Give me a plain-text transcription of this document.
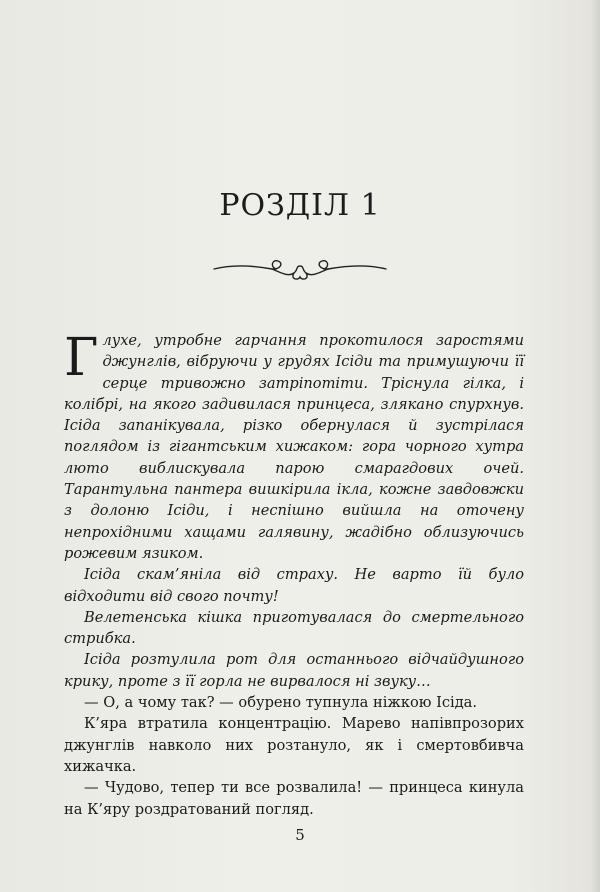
РОЗДІЛ 1

Глухе, утробне гарчання прокотилося заростями джунглів, вібруючи у грудях Ісіди та примушуючи її серце тривожно затріпотіти. Тріснула гілка, і колібрі, на якого задивилася принцеса, злякано спурхнув. Ісіда запанікувала, різко обернулася й зустрілася поглядом із гігантським хижаком: гора чорного хутра люто виблискувала парою смарагдових очей. Тарантульна пантера вишкірила ікла, кожне завдовжки з долоню Ісіди, і неспішно вийшла на оточену непрохідними хащами галявину, жадібно облизуючись рожевим язиком.

Ісіда скам’яніла від страху. Не варто їй було відходити від свого почту!

Велетенська кішка приготувалася до смертельного стрибка.

Ісіда розтулила рот для останнього відчайдушного крику, проте з її горла не вирвалося ні звуку…

— О, а чому так? — обурено тупнула ніжкою Ісіда.

К’яра втратила концентрацію. Марево напівпрозорих джунглів навколо них розтануло, як і смертовбивча хижачка.

— Чудово, тепер ти все розвалила! — принцеса кинула на К’яру роздратований погляд.

5
